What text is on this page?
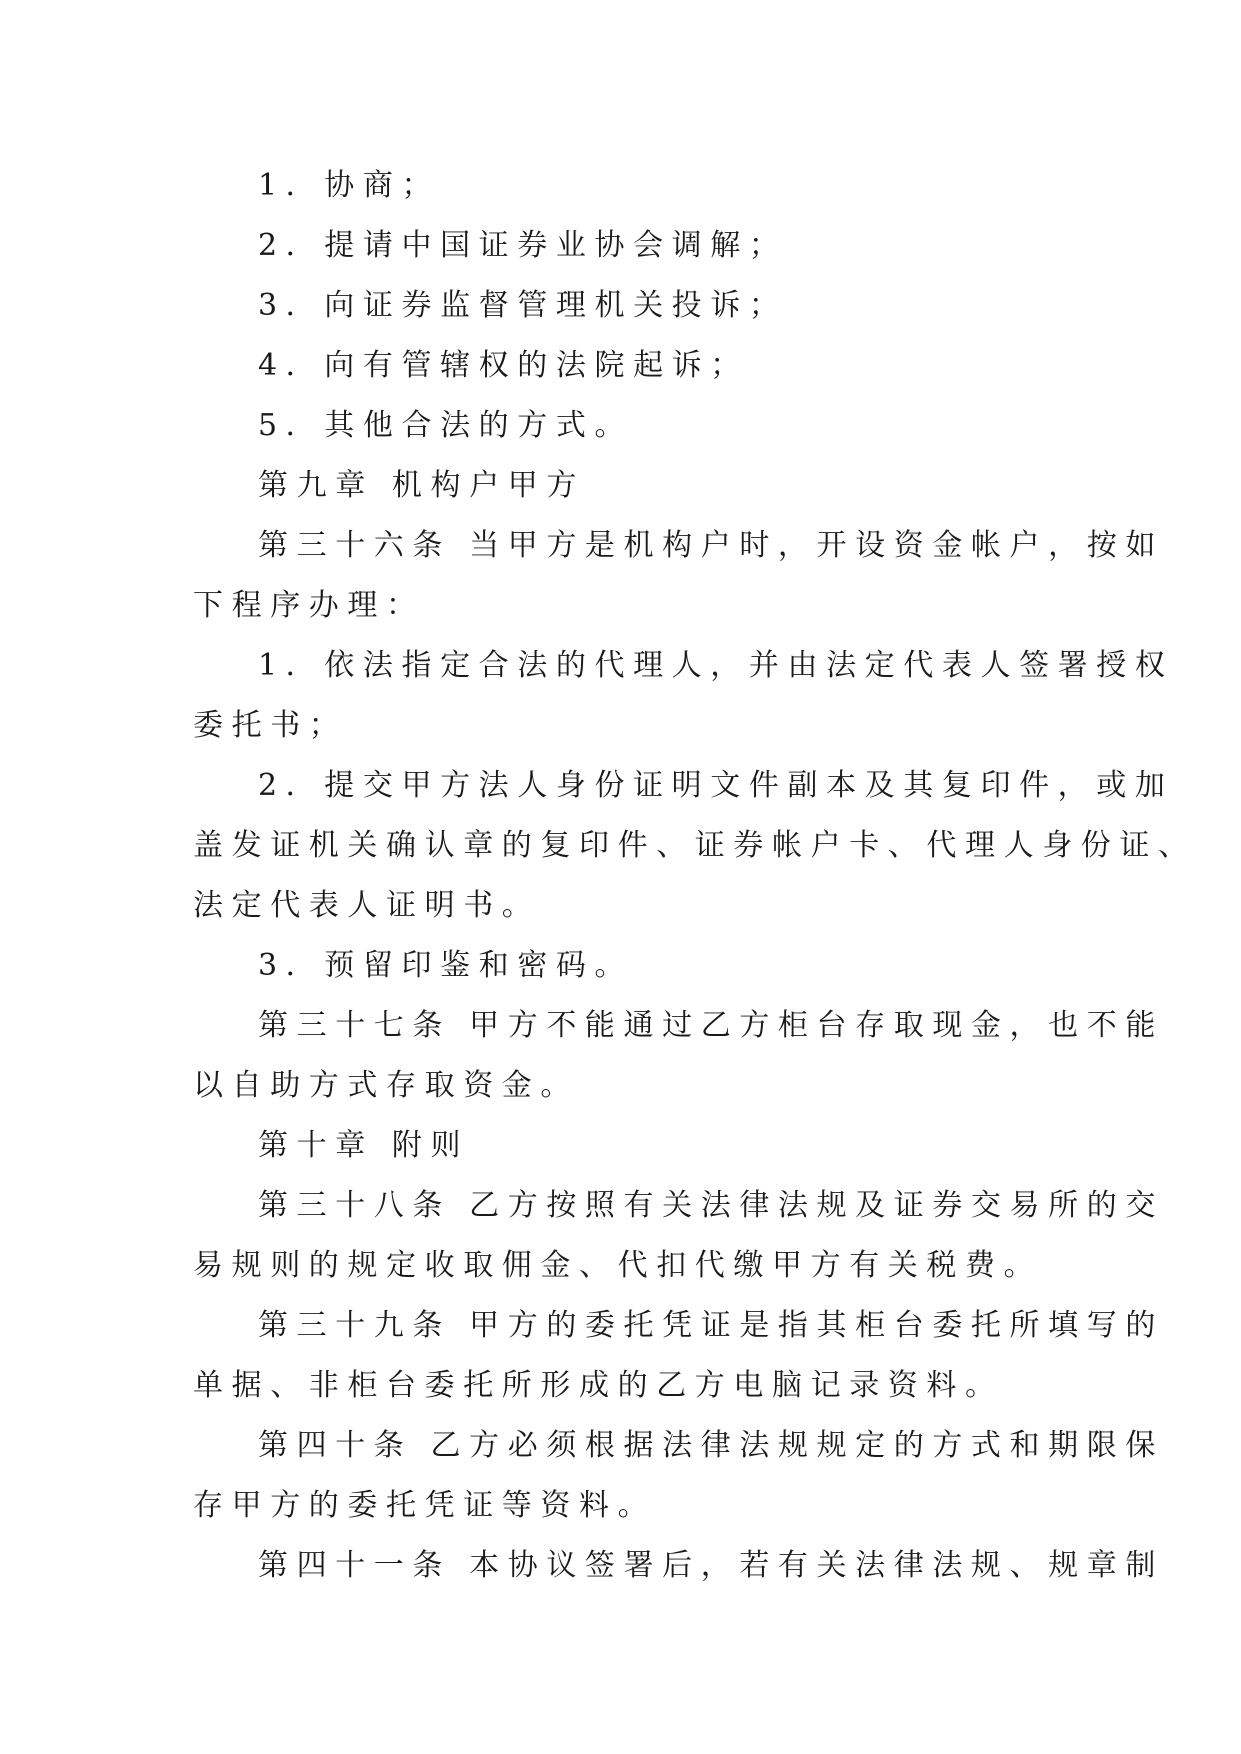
1．协商；
2．提请中国证券业协会调解；
3．向证券监督管理机关投诉；
4．向有管辖权的法院起诉；
5．其他合法的方式。
第九章 机构户甲方
第三十六条 当甲方是机构户时，开设资金帐户，按如
下程序办理：
1．依法指定合法的代理人，并由法定代表人签署授权
委托书；
2．提交甲方法人身份证明文件副本及其复印件，或加
盖发证机关确认章的复印件、证券帐户卡、代理人身份证、
法定代表人证明书。
3．预留印鉴和密码。
第三十七条 甲方不能通过乙方柜台存取现金，也不能
以自助方式存取资金。
第十章 附则
第三十八条 乙方按照有关法律法规及证券交易所的交
易规则的规定收取佣金、代扣代缴甲方有关税费。
第三十九条 甲方的委托凭证是指其柜台委托所填写的
单据、非柜台委托所形成的乙方电脑记录资料。
第四十条 乙方必须根据法律法规规定的方式和期限保
存甲方的委托凭证等资料。
第四十一条 本协议签署后，若有关法律法规、规章制
